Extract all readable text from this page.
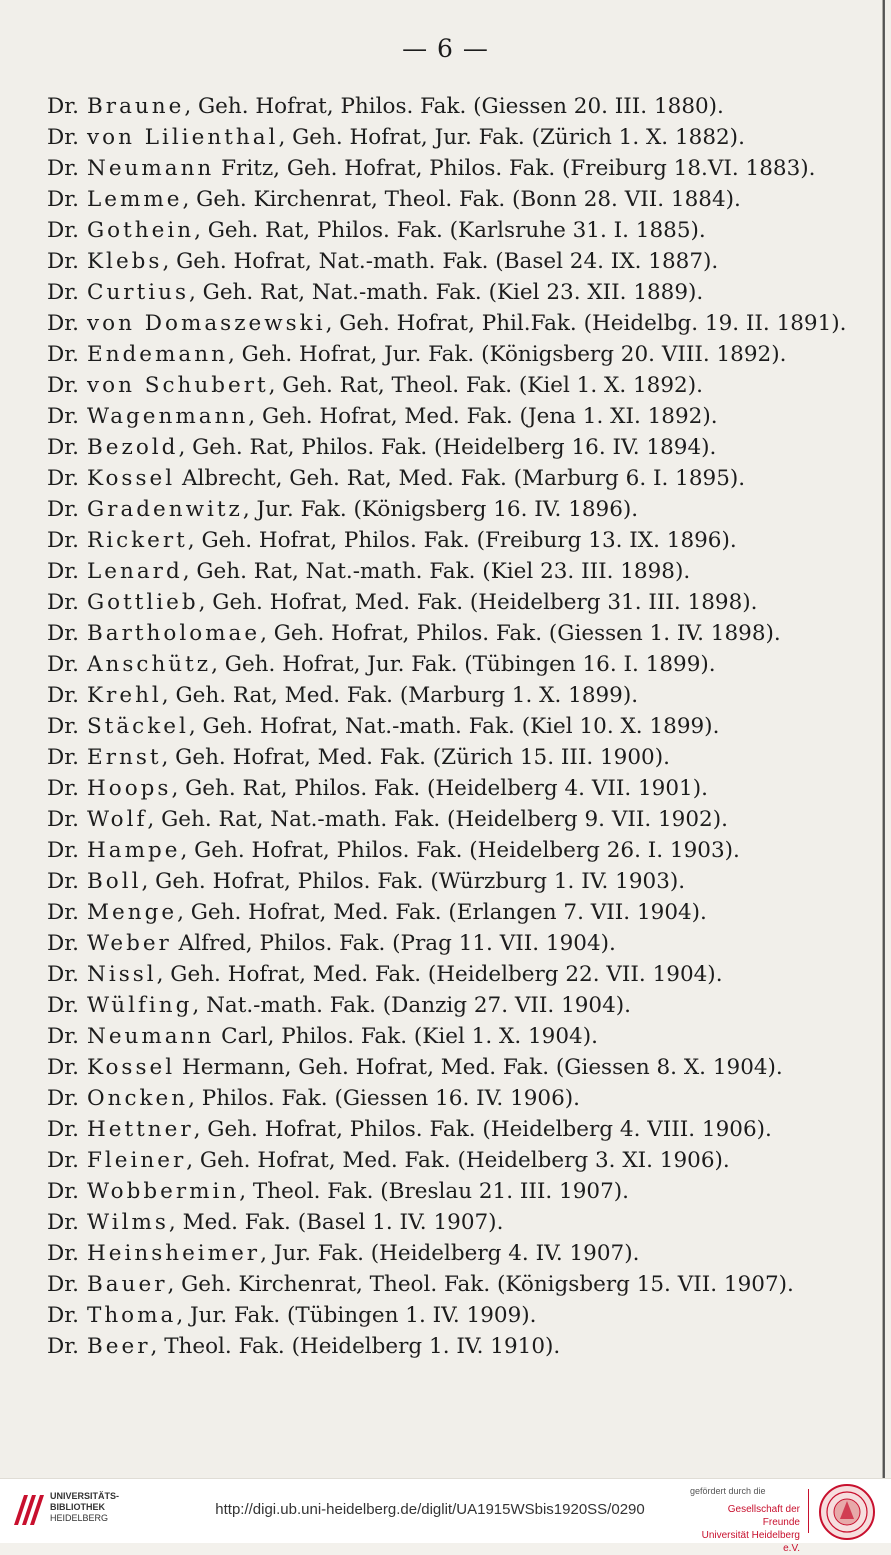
— 6 —
Dr. Braune, Geh. Hofrat, Philos. Fak. (Giessen 20. III. 1880).
Dr. von Lilienthal, Geh. Hofrat, Jur. Fak. (Zürich 1. X. 1882).
Dr. Neumann Fritz, Geh. Hofrat, Philos. Fak. (Freiburg 18.VI. 1883).
Dr. Lemme, Geh. Kirchenrat, Theol. Fak. (Bonn 28. VII. 1884).
Dr. Gothein, Geh. Rat, Philos. Fak. (Karlsruhe 31. I. 1885).
Dr. Klebs, Geh. Hofrat, Nat.-math. Fak. (Basel 24. IX. 1887).
Dr. Curtius, Geh. Rat, Nat.-math. Fak. (Kiel 23. XII. 1889).
Dr. von Domaszewski, Geh. Hofrat, Phil.Fak. (Heidelbg. 19. II. 1891).
Dr. Endemann, Geh. Hofrat, Jur. Fak. (Königsberg 20. VIII. 1892).
Dr. von Schubert, Geh. Rat, Theol. Fak. (Kiel 1. X. 1892).
Dr. Wagenmann, Geh. Hofrat, Med. Fak. (Jena 1. XI. 1892).
Dr. Bezold, Geh. Rat, Philos. Fak. (Heidelberg 16. IV. 1894).
Dr. Kossel Albrecht, Geh. Rat, Med. Fak. (Marburg 6. I. 1895).
Dr. Gradenwitz, Jur. Fak. (Königsberg 16. IV. 1896).
Dr. Rickert, Geh. Hofrat, Philos. Fak. (Freiburg 13. IX. 1896).
Dr. Lenard, Geh. Rat, Nat.-math. Fak. (Kiel 23. III. 1898).
Dr. Gottlieb, Geh. Hofrat, Med. Fak. (Heidelberg 31. III. 1898).
Dr. Bartholomae, Geh. Hofrat, Philos. Fak. (Giessen 1. IV. 1898).
Dr. Anschütz, Geh. Hofrat, Jur. Fak. (Tübingen 16. I. 1899).
Dr. Krehl, Geh. Rat, Med. Fak. (Marburg 1. X. 1899).
Dr. Stäckel, Geh. Hofrat, Nat.-math. Fak. (Kiel 10. X. 1899).
Dr. Ernst, Geh. Hofrat, Med. Fak. (Zürich 15. III. 1900).
Dr. Hoops, Geh. Rat, Philos. Fak. (Heidelberg 4. VII. 1901).
Dr. Wolf, Geh. Rat, Nat.-math. Fak. (Heidelberg 9. VII. 1902).
Dr. Hampe, Geh. Hofrat, Philos. Fak. (Heidelberg 26. I. 1903).
Dr. Boll, Geh. Hofrat, Philos. Fak. (Würzburg 1. IV. 1903).
Dr. Menge, Geh. Hofrat, Med. Fak. (Erlangen 7. VII. 1904).
Dr. Weber Alfred, Philos. Fak. (Prag 11. VII. 1904).
Dr. Nissl, Geh. Hofrat, Med. Fak. (Heidelberg 22. VII. 1904).
Dr. Wülfing, Nat.-math. Fak. (Danzig 27. VII. 1904).
Dr. Neumann Carl, Philos. Fak. (Kiel 1. X. 1904).
Dr. Kossel Hermann, Geh. Hofrat, Med. Fak. (Giessen 8. X. 1904).
Dr. Oncken, Philos. Fak. (Giessen 16. IV. 1906).
Dr. Hettner, Geh. Hofrat, Philos. Fak. (Heidelberg 4. VIII. 1906).
Dr. Fleiner, Geh. Hofrat, Med. Fak. (Heidelberg 3. XI. 1906).
Dr. Wobbermin, Theol. Fak. (Breslau 21. III. 1907).
Dr. Wilms, Med. Fak. (Basel 1. IV. 1907).
Dr. Heinsheimer, Jur. Fak. (Heidelberg 4. IV. 1907).
Dr. Bauer, Geh. Kirchenrat, Theol. Fak. (Königsberg 15. VII. 1907).
Dr. Thoma, Jur. Fak. (Tübingen 1. IV. 1909).
Dr. Beer, Theol. Fak. (Heidelberg 1. IV. 1910).
UNIVERSITÄTS-
BIBLIOTHEK
HEIDELBERG	http://digi.ub.uni-heidelberg.de/diglit/UA1915WSbis1920SS/0290
gefördert durch die
Gesellschaft der Freunde
Universität Heidelberg e.V.
